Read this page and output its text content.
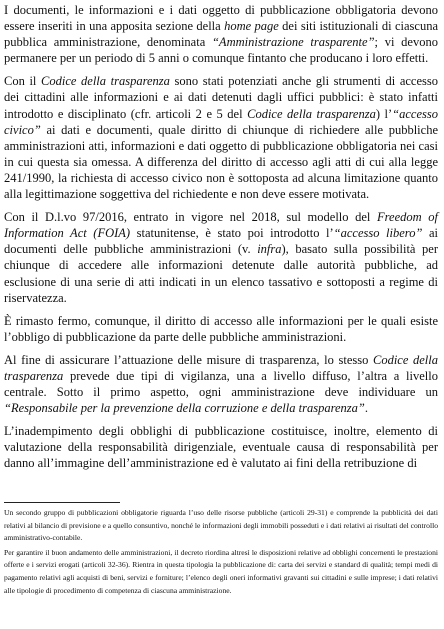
I documenti, le informazioni e i dati oggetto di pubblicazione obbligatoria devono essere inseriti in una apposita sezione della home page dei siti istituzionali di ciascuna pubblica amministrazione, denominata “Amministrazione trasparente”; vi devono permanere per un periodo di 5 anni o comunque fintanto che producano i loro effetti.

Con il Codice della trasparenza sono stati potenziati anche gli strumenti di accesso dei cittadini alle informazioni e ai dati detenuti dagli uffici pubblici: è stato infatti introdotto e disciplinato (cfr. articoli 2 e 5 del Codice della trasparenza) l’“accesso civico” ai dati e documenti, quale diritto di chiunque di richiedere alle pubbliche amministrazioni atti, informazioni e dati oggetto di pubblicazione obbligatoria nei casi in cui questa sia omessa. A differenza del diritto di accesso agli atti di cui alla legge 241/1990, la richiesta di accesso civico non è sottoposta ad alcuna limitazione quanto alla legittimazione soggettiva del richiedente e non deve essere motivata.

Con il D.l.vo 97/2016, entrato in vigore nel 2018, sul modello del Freedom of Information Act (FOIA) statunitense, è stato poi introdotto l’“accesso libero” ai documenti delle pubbliche amministrazioni (v. infra), basato sulla possibilità per chiunque di accedere alle informazioni detenute dalle autorità pubbliche, ad esclusione di una serie di atti indicati in un elenco tassativo e sottoposti a regime di riservatezza.

È rimasto fermo, comunque, il diritto di accesso alle informazioni per le quali esiste l’obbligo di pubblicazione da parte delle pubbliche amministrazioni.

Al fine di assicurare l’attuazione delle misure di trasparenza, lo stesso Codice della trasparenza prevede due tipi di vigilanza, una a livello diffuso, l’altra a livello centrale. Sotto il primo aspetto, ogni amministrazione deve individuare un “Responsabile per la prevenzione della corruzione e della trasparenza”.

L’inadempimento degli obblighi di pubblicazione costituisce, inoltre, elemento di valutazione della responsabilità dirigenziale, eventuale causa di responsabilità per danno all’immagine dell’amministrazione ed è valutato ai fini della retribuzione di

Un secondo gruppo di pubblicazioni obbligatorie riguarda l’uso delle risorse pubbliche (articoli 29-31) e comprende la pubblicità dei dati relativi al bilancio di previsione e a quello consuntivo, nonché le informazioni degli immobili posseduti e i dati relativi ai risultati del controllo amministrativo-contabile.

Per garantire il buon andamento delle amministrazioni, il decreto riordina altresì le disposizioni relative ad obblighi concernenti le prestazioni offerte e i servizi erogati (articoli 32-36). Rientra in questa tipologia la pubblicazione di: carta dei servizi e standard di qualità; tempi medi di pagamento relativi agli acquisti di beni, servizi e forniture; l’elenco degli oneri informativi gravanti sui cittadini e sulle imprese; i dati relativi alle tipologie di procedimento di competenza di ciascuna amministrazione.
